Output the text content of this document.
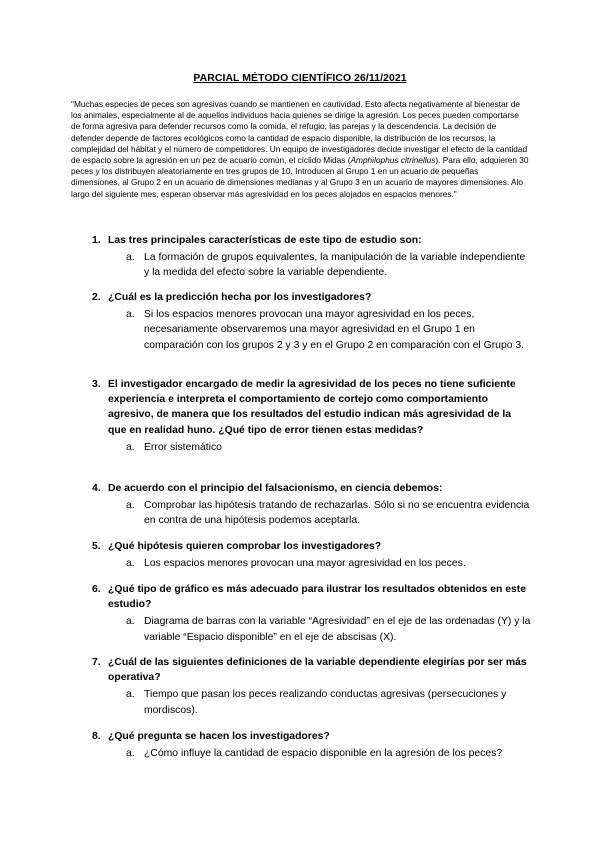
PARCIAL MÉTODO CIENTÍFICO 26/11/2021
"Muchas especies de peces son agresivas cuando se mantienen en cautividad. Esto afecta negativamente al bienestar de los animales, especialmente al de aquellos individuos hacia quienes se dirige la agresión. Los peces pueden comportarse de forma agresiva para defender recursos como la comida, el refugio, las parejas y la descendencia. La decisión de defender depende de factores ecológicos como la cantidad de espacio disponible, la distribución de los recursos, la complejidad del hábitat y el número de competidores. Un equipo de investigadores decide investigar el efecto de la cantidad de espacio sobre la agresión en un pez de acuario común, el cíclido Midas (Amphilophus citrinellus). Para ello, adquieren 30 peces y los distribuyen aleatoriamente en tres grupos de 10. Introducen al Grupo 1 en un acuario de pequeñas dimensiones, al Grupo 2 en un acuario de dimensiones medianas y al Grupo 3 en un acuario de mayores dimensiones. Alo largo del siguiente mes, esperan observar más agresividad en los peces alojados en espacios menores."
1. Las tres principales características de este tipo de estudio son:
a. La formación de grupos equivalentes, la manipulación de la variable independiente y la medida del efecto sobre la variable dependiente.
2. ¿Cuál es la predicción hecha por los investigadores?
a. Si los espacios menores provocan una mayor agresividad en los peces, necesariamente observaremos una mayor agresividad en el Grupo 1 en comparación con los grupos 2 y 3 y en el Grupo 2 en comparación con el Grupo 3.
3. El investigador encargado de medir la agresividad de los peces no tiene suficiente experiencia e interpreta el comportamiento de cortejo como comportamiento agresivo, de manera que los resultados del estudio indican más agresividad de la que en realidad huno. ¿Qué tipo de error tienen estas medidas?
a. Error sistemático
4. De acuerdo con el principio del falsacionismo, en ciencia debemos:
a. Comprobar las hipótesis tratando de rechazarlas. Sólo si no se encuentra evidencia en contra de una hipótesis podemos aceptarla.
5. ¿Qué hipótesis quieren comprobar los investigadores?
a. Los espacios menores provocan una mayor agresividad en los peces.
6. ¿Qué tipo de gráfico es más adecuado para ilustrar los resultados obtenidos en este estudio?
a. Diagrama de barras con la variable “Agresividad” en el eje de las ordenadas (Y) y la variable “Espacio disponible” en el eje de abscisas (X).
7. ¿Cuál de las siguientes definiciones de la variable dependiente elegirías por ser más operativa?
a. Tiempo que pasan los peces realizando conductas agresivas (persecuciones y mordiscos).
8. ¿Qué pregunta se hacen los investigadores?
a. ¿Cómo influye la cantidad de espacio disponible en la agresión de los peces?
